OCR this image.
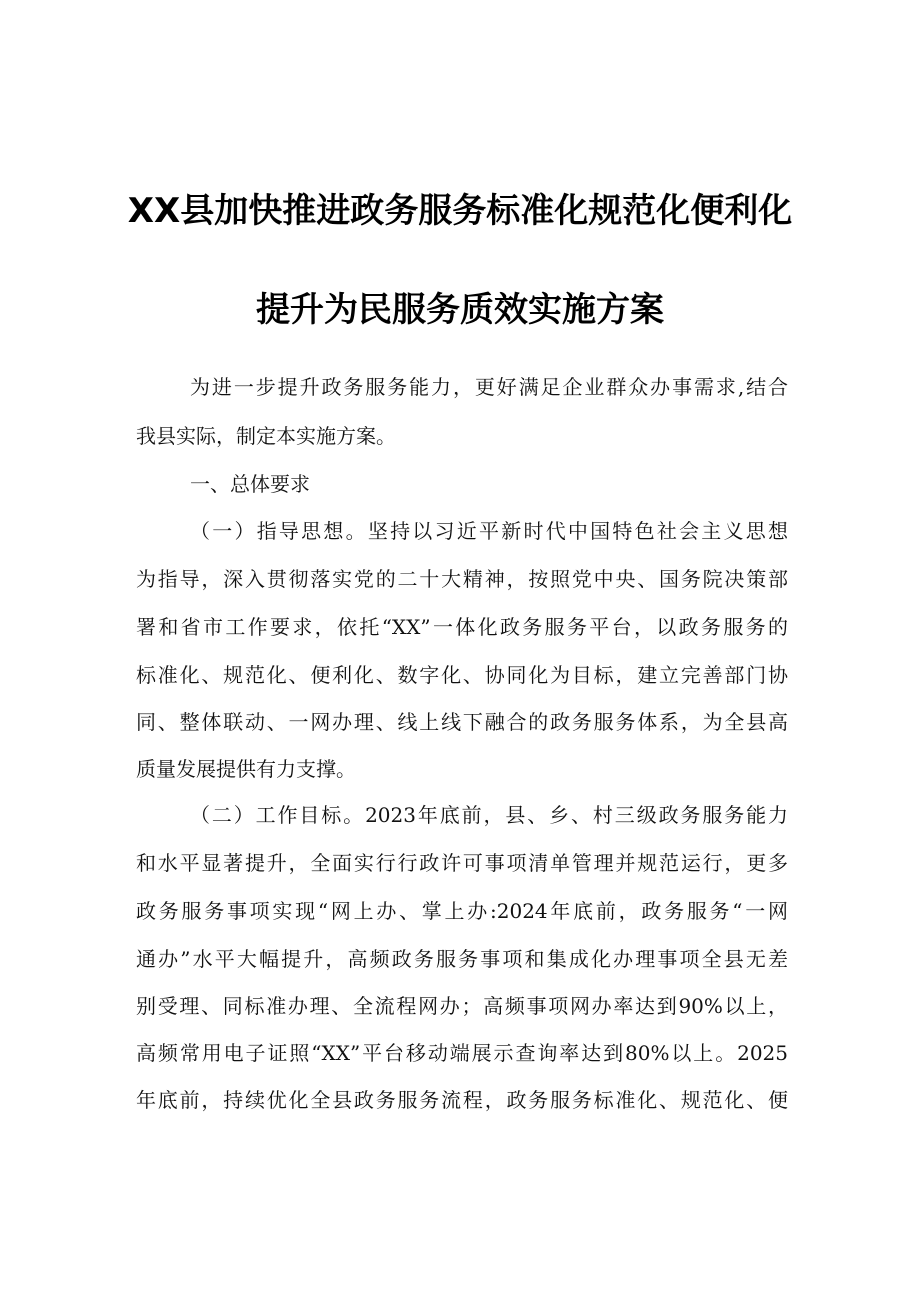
XX县加快推进政务服务标准化规范化便利化
提升为民服务质效实施方案
为进一步提升政务服务能力，更好满足企业群众办事需求,结合
我县实际，制定本实施方案。
一、总体要求
（一）指导思想。坚持以习近平新时代中国特色社会主义思想
为指导，深入贯彻落实党的二十大精神，按照党中央、国务院决策部
署和省市工作要求，依托“XX”一体化政务服务平台，以政务服务的
标准化、规范化、便利化、数字化、协同化为目标，建立完善部门协
同、整体联动、一网办理、线上线下融合的政务服务体系，为全县高
质量发展提供有力支撑。
（二）工作目标。2023年底前，县、乡、村三级政务服务能力
和水平显著提升，全面实行行政许可事项清单管理并规范运行，更多
政务服务事项实现“网上办、掌上办:2024年底前，政务服务“一网
通办”水平大幅提升，高频政务服务事项和集成化办理事项全县无差
别受理、同标准办理、全流程网办；高频事项网办率达到90%以上，
高频常用电子证照“XX”平台移动端展示查询率达到80%以上。2025
年底前，持续优化全县政务服务流程，政务服务标准化、规范化、便
